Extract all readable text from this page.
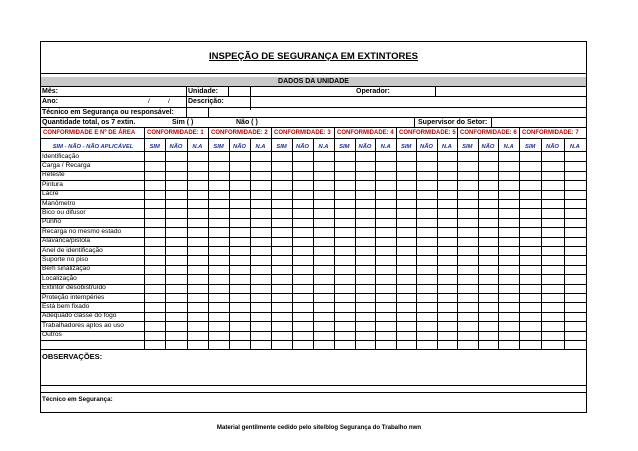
INSPEÇÃO DE SEGURANÇA EM EXTINTORES
DADOS DA UNIDADE
Mês:	Unidade:	Operador:
Ano:	/	/	Descrição:
Técnico em Segurança ou responsável:
Quantidade total, os 7 extin.	Sim ( )	Não ( )	Supervisor do Setor:
CONFORMIDADE E Nº DE ÁREA CONFORMIDADE: 1 CONFORMIDADE: 2 CONFORMIDADE: 3 CONFORMIDADE: 4 CONFORMIDADE: 5 CONFORMIDADE: 6 CONFORMIDADE: 7
SIM - NÃO - NÃO APLICÁVEL	SIM	NÃO	N.A	SIM	NÃO	N.A	SIM	NÃO	N.A	SIM	NÃO	N.A	SIM	NÃO	N.A	SIM	NÃO	N.A	SIM	NÃO	N.A
Identificação
Carga / Recarga
Reteste
Pintura
Lacre
Manômetro
Bico ou difusor
Punho
Recarga no mesmo estado
Alavanca/pistola
Anel de identificação
Suporte no piso
Bem sinalização
Localização
Extintor desobistruído
Proteção intempéries
Está bem fixado
Adequado classe do fogo
Trabalhadores aptos ao uso
Outros
OBSERVAÇÕES:
Técnico em Segurança:
Material gentilmente cedido pelo site/blog Segurança do Trabalho nwn
